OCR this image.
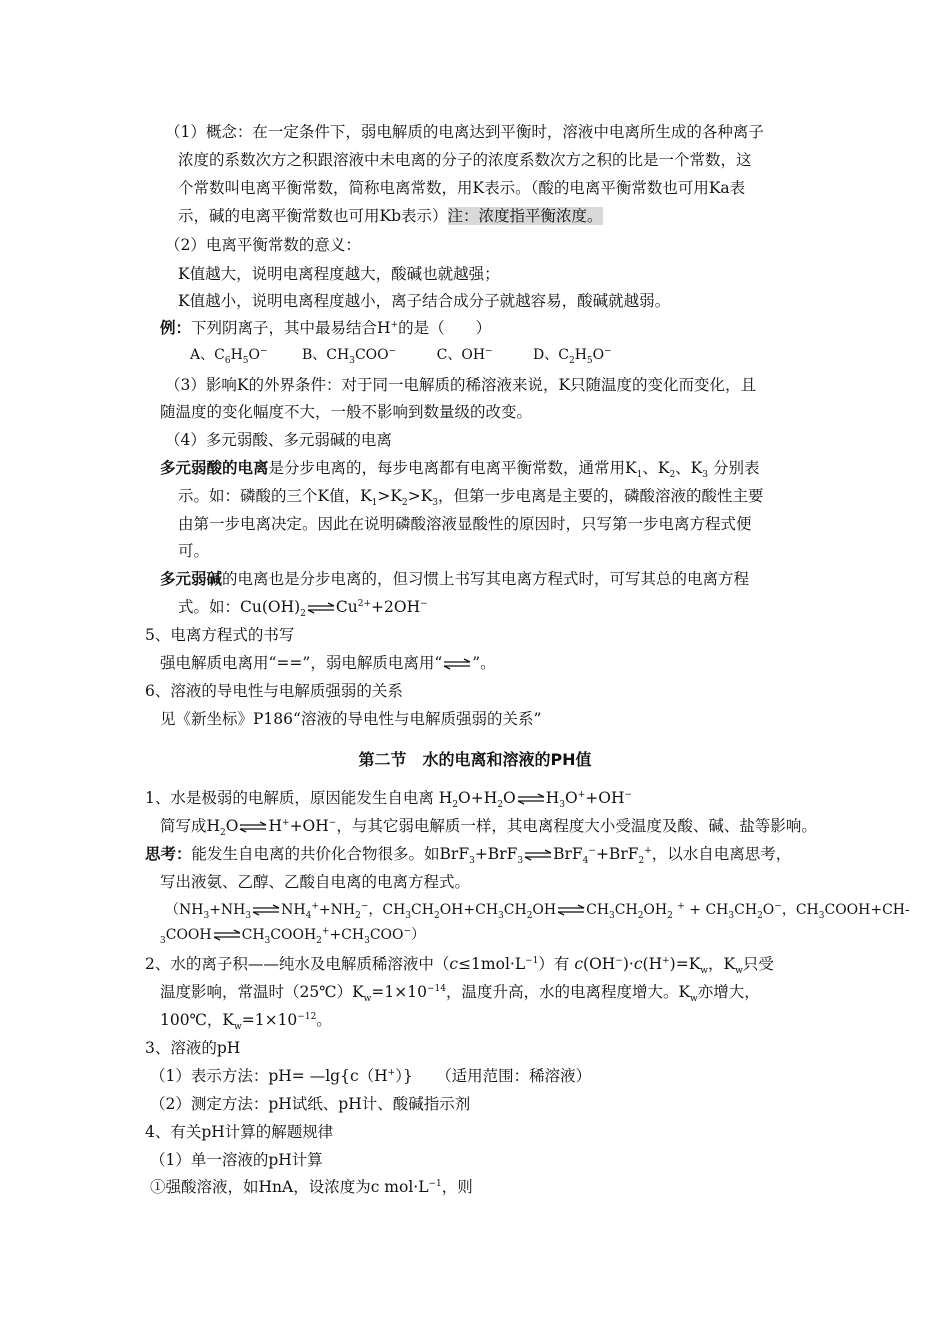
（1）概念：在一定条件下，弱电解质的电离达到平衡时，溶液中电离所生成的各种离子
浓度的系数次方之积跟溶液中未电离的分子的浓度系数次方之积的比是一个常数，这
个常数叫电离平衡常数，简称电离常数，用K表示。（酸的电离平衡常数也可用Ka表
示，碱的电离平衡常数也可用Kb表示）注：浓度指平衡浓度。
（2）电离平衡常数的意义：
K值越大，说明电离程度越大，酸碱也就越强；
K值越小，说明电离程度越小，离子结合成分子就越容易，酸碱就越弱。
例：下列阴离子，其中最易结合H+的是（　　）
A、$C_6H_5O^-$ B、$CH_3COO^-$	C、OH−	D、$C_2H_5O^-$
（3）影响K的外界条件：对于同一电解质的稀溶液来说，K只随温度的变化而变化，且
随温度的变化幅度不大，一般不影响到数量级的改变。
（4）多元弱酸、多元弱碱的电离
多元弱酸的电离是分步电离的，每步电离都有电离平衡常数，通常用$K_1$、$K_2$、$K_3$ 分别表
示。如：磷酸的三个K值，$K_1>K_2>K_3$，但第一步电离是主要的，磷酸溶液的酸性主要
由第一步电离决定。因此在说明磷酸溶液显酸性的原因时，只写第一步电离方程式便
可。
多元弱碱的电离也是分步电离的，但习惯上书写其电离方程式时，可写其总的电离方程
式。如：$Cu(OH)_2$ $\rightleftharpoons Cu^{2+}+2OH^-$
5、电离方程式的书写
强电解质电离用“==”，弱电解质电离用“⇌”。
6、溶液的导电性与电解质强弱的关系
见《新坐标》P186“溶液的导电性与电解质强弱的关系”
第二节　水的电离和溶液的PH值
1、水是极弱的电解质，原因能发生自电离 $H_2O+H_2O\rightleftharpoons H_3O^++OH^-$
简写成$H_2O\rightleftharpoons H^++OH^-$，与其它弱电解质一样，其电离程度大小受温度及酸、碱、盐等影响。
思考：能发生自电离的共价化合物很多。如BrF$_3$+BrF$_3$ ⇌BrF$_4$−+BrF$_2$+，以水自电离思考，
写出液氨、乙醇、乙酸自电离的电离方程式。
（$NH_3+NH_3\rightleftharpoons NH_4^++NH_2^-$，$CH_3CH_2OH+CH_3CH_2OH\rightleftharpoons CH_3CH_2OH_2$ $^+ + CH_3CH_2O^-$，$CH_3COOH+CH-$
$_3COOH\rightleftharpoons CH_3COOH_2^++CH_3COO^-$）
2、水的离子积——纯水及电解质稀溶液中$(c\le 1mol\cdot L^{-1})$有 $c(OH^-)\cdot c(H^+)=K_w$，$K_w$只受
温度影响，常温时$(25℃)K_w=1\times 10^{-14}$，温度升高，水的电离程度增大。$K_w$亦增大，
100℃，$K_w=1\times 10^{-12}$。
3、溶液的pH
（1）表示方法：pH= —lg{c（H+）}　　（适用范围：稀溶液）
（2）测定方法：pH试纸、pH计、酸碱指示剂
4、有关pH计算的解题规律
（1）单一溶液的pH计算
①强酸溶液，如HnA，设浓度为c $mol\cdot L^{-1}$，则
